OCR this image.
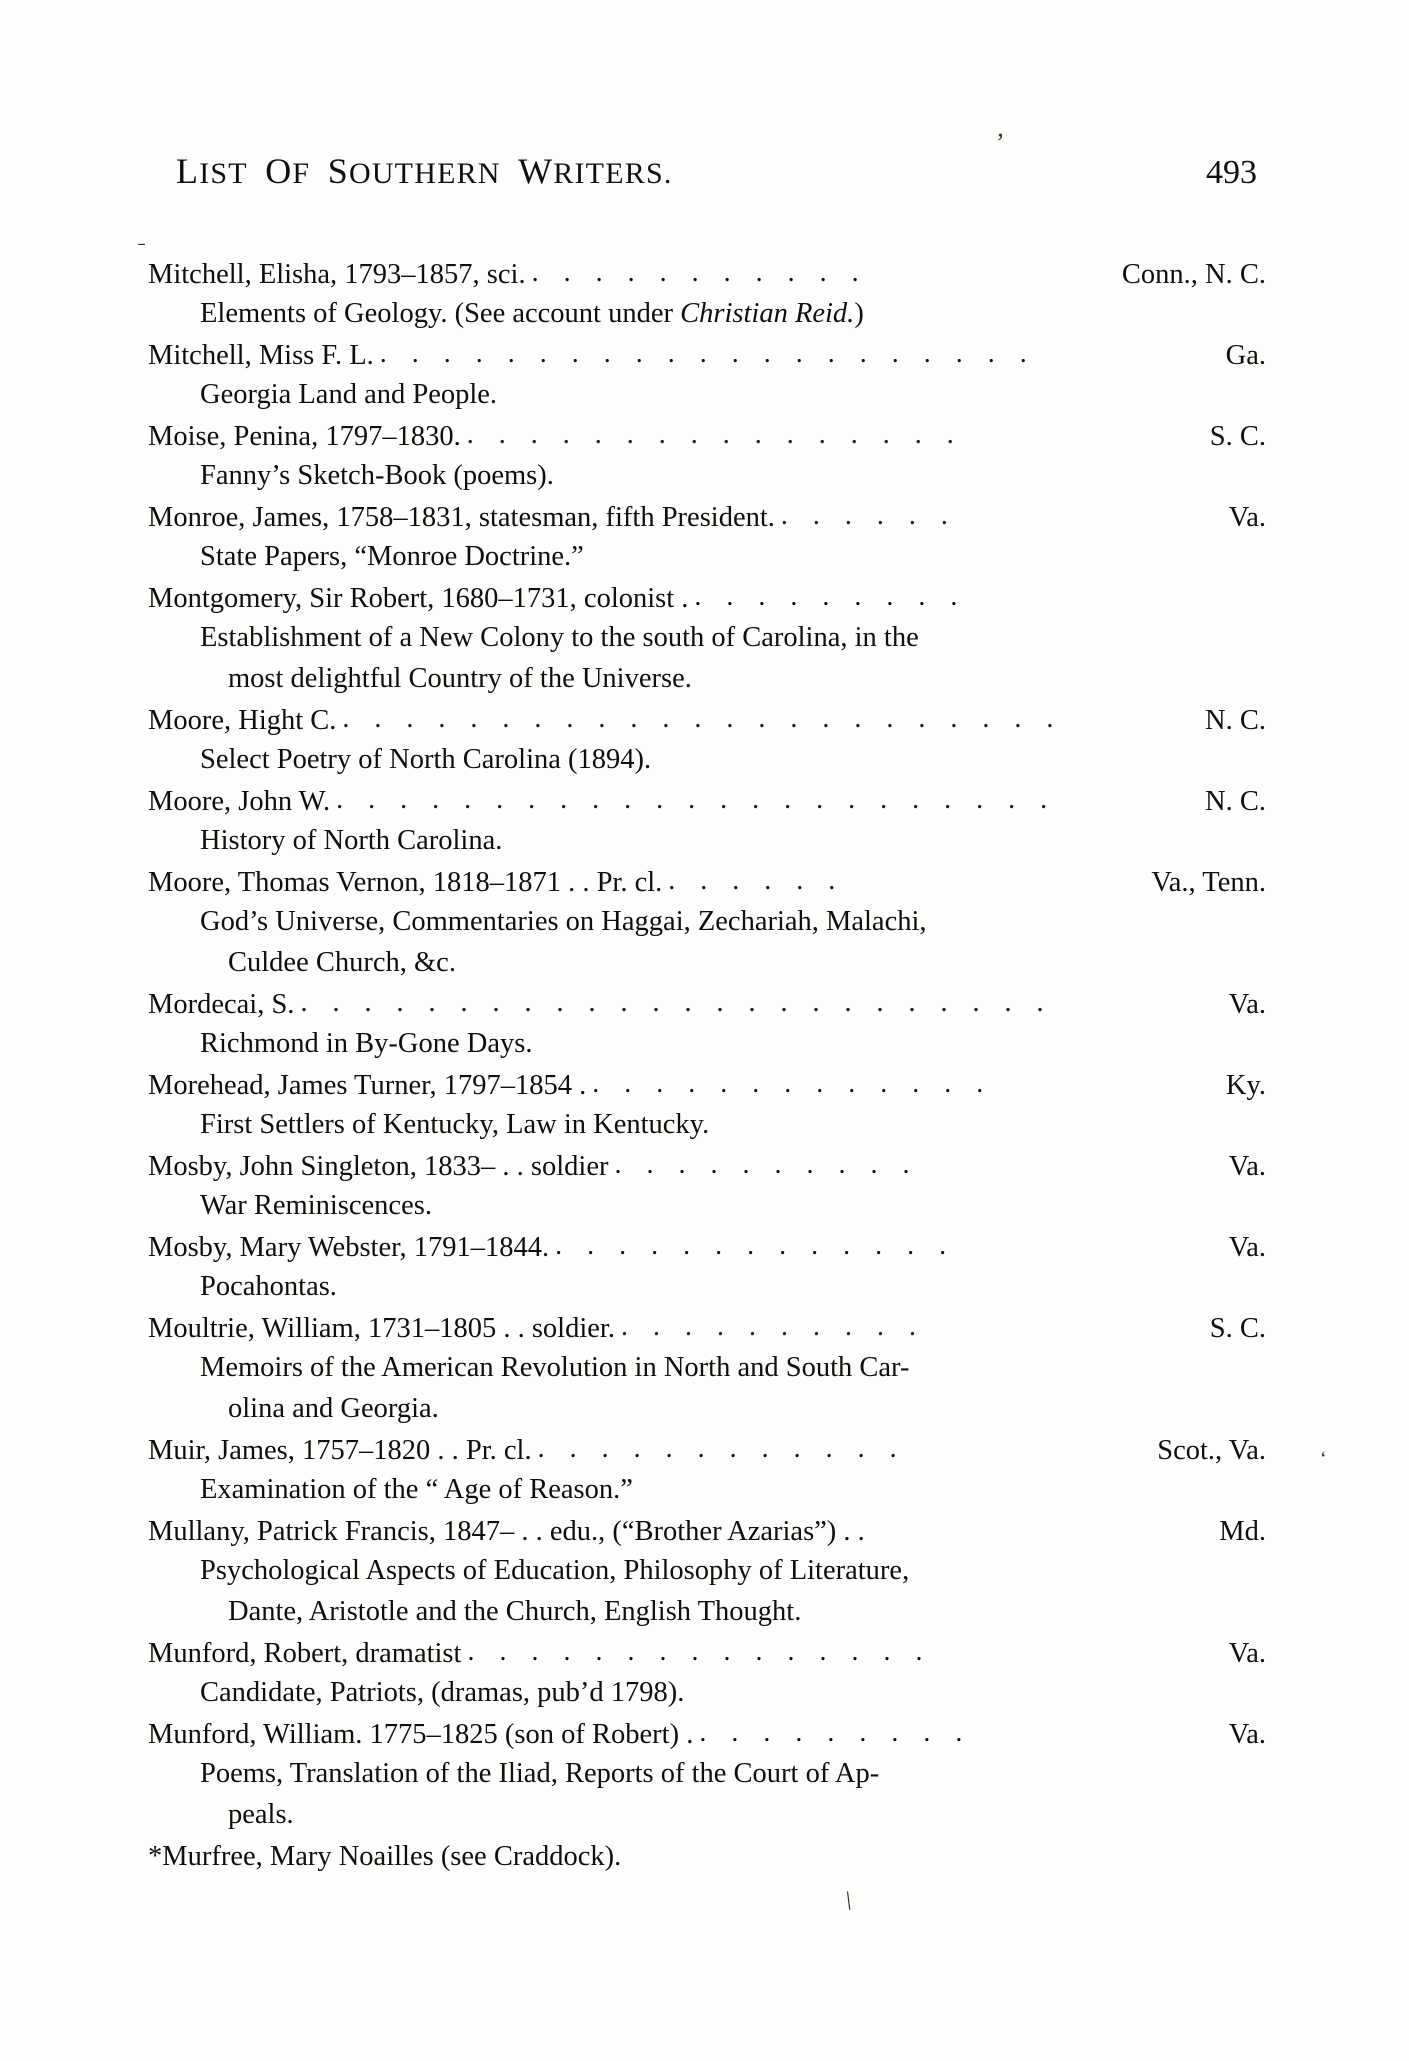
’
‘
\
ˍ
LIST OF SOUTHERN WRITERS.	493
Mitchell, Elisha, 1793–1857, sci. . . . . . . . . . . .	Conn., N. C.
Elements of Geology. (See account under Christian Reid.)
Mitchell, Miss F. L. . . . . . . . . . . . . . . . . . . . . .	Ga.
Georgia Land and People.
Moise, Penina, 1797–1830. . . . . . . . . . . . . . . . .	S. C.
Fanny’s Sketch-Book (poems).
Monroe, James, 1758–1831, statesman, fifth President. . . . . . .	Va.
State Papers, “Monroe Doctrine.”
Montgomery, Sir Robert, 1680–1731, colonist . . . . . . . . . .
Establishment of a New Colony to the south of Carolina, in the
most delightful Country of the Universe.
Moore, Hight C. . . . . . . . . . . . . . . . . . . . . . . .	N. C.
Select Poetry of North Carolina (1894).
Moore, John W. . . . . . . . . . . . . . . . . . . . . . . .	N. C.
History of North Carolina.
Moore, Thomas Vernon, 1818–1871 . . Pr. cl. . . . . . .	Va., Tenn.
God’s Universe, Commentaries on Haggai, Zechariah, Malachi,
Culdee Church, &c.
Mordecai, S. . . . . . . . . . . . . . . . . . . . . . . . .	Va.
Richmond in By-Gone Days.
Morehead, James Turner, 1797–1854 . . . . . . . . . . . . . .	Ky.
First Settlers of Kentucky, Law in Kentucky.
Mosby, John Singleton, 1833– . . soldier . . . . . . . . . .	Va.
War Reminiscences.
Mosby, Mary Webster, 1791–1844. . . . . . . . . . . . . .	Va.
Pocahontas.
Moultrie, William, 1731–1805 . . soldier. . . . . . . . . . .	S. C.
Memoirs of the American Revolution in North and South Car-
olina and Georgia.
Muir, James, 1757–1820 . . Pr. cl. . . . . . . . . . . . .	Scot., Va.
Examination of the “ Age of Reason.”
Mullany, Patrick Francis, 1847– . . edu., (“Brother Azarias”) . .	Md.
Psychological Aspects of Education, Philosophy of Literature,
Dante, Aristotle and the Church, English Thought.
Munford, Robert, dramatist . . . . . . . . . . . . . . .	Va.
Candidate, Patriots, (dramas, pub’d 1798).
Munford, William. 1775–1825 (son of Robert) . . . . . . . . . .	Va.
Poems, Translation of the Iliad, Reports of the Court of Ap-
peals.
*Murfree, Mary Noailles (see Craddock).
